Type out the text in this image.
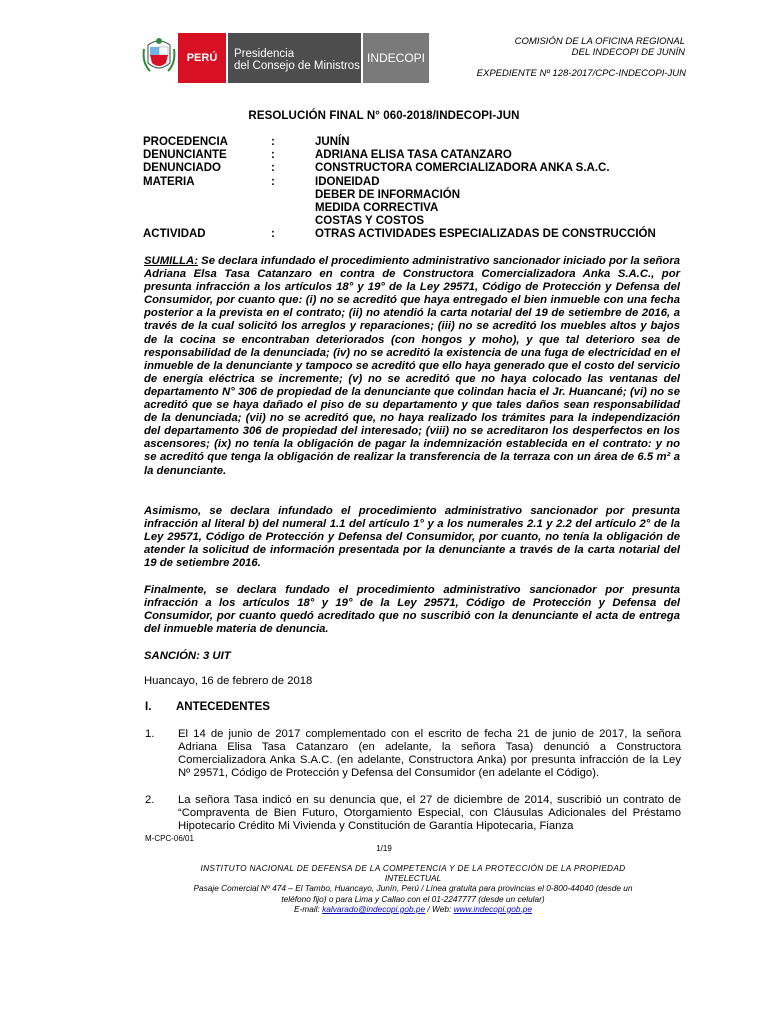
PERÚ	Presidencia
del Consejo de Ministros
INDECOPI
COMISIÓN DE LA OFICINA REGIONAL
DEL INDECOPI DE JUNÍN
EXPEDIENTE Nº 128-2017/CPC-INDECOPI-JUN
RESOLUCIÓN FINAL N° 060-2018/INDECOPI-JUN
PROCEDENCIA	:	JUNÍN
DENUNCIANTE	:	ADRIANA ELISA TASA CATANZARO
DENUNCIADO	:	CONSTRUCTORA COMERCIALIZADORA ANKA S.A.C.
MATERIA	:	IDONEIDAD
DEBER DE INFORMACIÓN
MEDIDA CORRECTIVA
COSTAS Y COSTOS
ACTIVIDAD	:	OTRAS ACTIVIDADES ESPECIALIZADAS DE CONSTRUCCIÓN
SUMILLA: Se declara infundado el procedimiento administrativo sancionador iniciado por la señora Adriana Elsa Tasa Catanzaro en contra de Constructora Comercializadora Anka S.A.C., por presunta infracción a los artículos 18° y 19° de la Ley 29571, Código de Protección y Defensa del Consumidor, por cuanto que: (i) no se acreditó que haya entregado el bien inmueble con una fecha posterior a la prevista en el contrato; (ii) no atendió la carta notarial del 19 de setiembre de 2016, a través de la cual solicitó los arreglos y reparaciones; (iii) no se acreditó los muebles altos y bajos de la cocina se encontraban deteriorados (con hongos y moho), y que tal deterioro sea de responsabilidad de la denunciada; (iv) no se acreditó la existencia de una fuga de electricidad en el inmueble de la denunciante y tampoco se acreditó que ello haya generado que el costo del servicio de energía eléctrica se incremente; (v) no se acreditó que no haya colocado las ventanas del departamento N° 306 de propiedad de la denunciante que colindan hacia el Jr. Huancané; (vi) no se acreditó que se haya dañado el piso de su departamento y que tales daños sean responsabilidad de la denunciada; (vii) no se acreditó que, no haya realizado los trámites para la independización del departamento 306 de propiedad del interesado; (viii) no se acreditaron los desperfectos en los ascensores; (ix) no tenía la obligación de pagar la indemnización establecida en el contrato: y no se acreditó que tenga la obligación de realizar la transferencia de la terraza con un área de 6.5 m² a la denunciante.
Asimismo, se declara infundado el procedimiento administrativo sancionador por presunta infracción al literal b) del numeral 1.1 del artículo 1° y a los numerales 2.1 y 2.2 del artículo 2° de la Ley 29571, Código de Protección y Defensa del Consumidor, por cuanto, no tenía la obligación de atender la solicitud de información presentada por la denunciante a través de la carta notarial del 19 de setiembre 2016.
Finalmente, se declara fundado el procedimiento administrativo sancionador por presunta infracción a los artículos 18° y 19° de la Ley 29571, Código de Protección y Defensa del Consumidor, por cuanto quedó acreditado que no suscribió con la denunciante el acta de entrega del inmueble materia de denuncia.
SANCIÓN: 3 UIT
Huancayo, 16 de febrero de 2018
I. ANTECEDENTES
1. El 14 de junio de 2017 complementado con el escrito de fecha 21 de junio de 2017, la señora Adriana Elisa Tasa Catanzaro (en adelante, la señora Tasa) denunció a Constructora Comercializadora Anka S.A.C. (en adelante, Constructora Anka) por presunta infracción de la Ley Nº 29571, Código de Protección y Defensa del Consumidor (en adelante el Código).
2. La señora Tasa indicó en su denuncia que, el 27 de diciembre de 2014, suscribió un contrato de “Compraventa de Bien Futuro, Otorgamiento Especial, con Cláusulas Adicionales del Préstamo Hipotecario Crédito Mi Vivienda y Constitución de Garantía Hipotecaria, Fianza
M-CPC-06/01
1/19
INSTITUTO NACIONAL DE DEFENSA DE LA COMPETENCIA Y DE LA PROTECCIÓN DE LA PROPIEDAD
INTELECTUAL
Pasaje Comercial Nº 474 – El Tambo, Huancayo, Junín, Perú / Línea gratuita para provincias el 0-800-44040 (desde un
teléfono fijo) o para Lima y Callao con el 01-2247777 (desde un celular)
E-mail: kalvarado@indecopi.gob.pe / Web: www.indecopi.gob.pe
